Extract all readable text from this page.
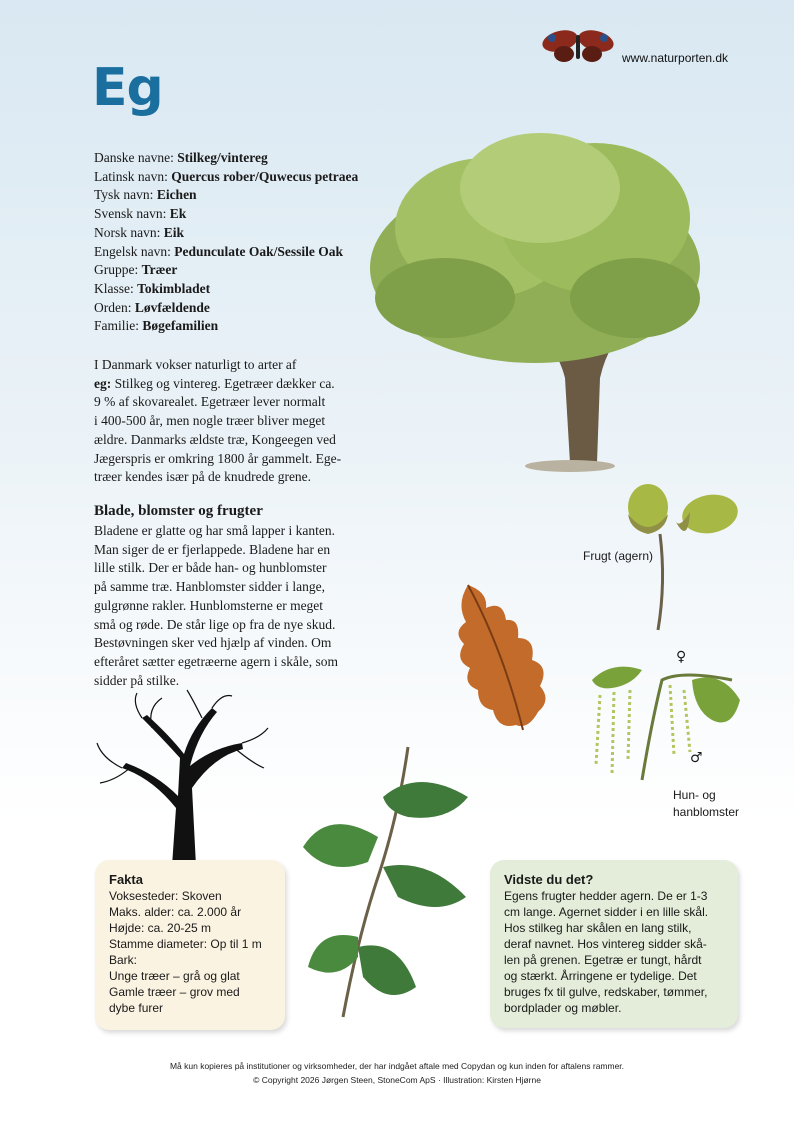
www.naturporten.dk
Eg
Danske navne: Stilkeg/vintereg
Latinsk navn: Quercus rober/Quwecus petraea
Tysk navn: Eichen
Svensk navn: Ek
Norsk navn: Eik
Engelsk navn: Pedunculate Oak/Sessile Oak
Gruppe: Træer
Klasse: Tokimbladet
Orden: Løvfældende
Familie: Bøgefamilien
I Danmark vokser naturligt to arter af
eg: Stilkeg og vintereg. Egetræer dækker ca.
9 % af skovarealet. Egetræer lever normalt
i 400-500 år, men nogle træer bliver meget
ældre. Danmarks ældste træ, Kongeegen ved
Jægerspris er omkring 1800 år gammelt. Ege-
træer kendes især på de knudrede grene.
Blade, blomster og frugter
Bladene er glatte og har små lapper i kanten.
Man siger de er fjerlappede. Bladene har en
lille stilk. Der er både han- og hunblomster
på samme træ. Hanblomster sidder i lange,
gulgrønne rakler. Hunblomsterne er meget
små og røde. De står lige op fra de nye skud.
Bestøvningen sker ved hjælp af vinden. Om
efteråret sætter egetræerne agern i skåle, som
sidder på stilke.
Frugt (agern)
♀
♂
Hun- og
hanblomster
Fakta
Voksesteder: Skoven
Maks. alder: ca. 2.000 år
Højde: ca. 20-25 m
Stamme diameter: Op til 1 m
Bark:
Unge træer – grå og glat
Gamle træer – grov med
dybe furer
Vidste du det?
Egens frugter hedder agern. De er 1-3
cm lange. Agernet sidder i en lille skål.
Hos stilkeg har skålen en lang stilk,
deraf navnet. Hos vintereg sidder skå-
len på grenen. Egetræ er tungt, hårdt
og stærkt. Årringene er tydelige. Det
bruges fx til gulve, redskaber, tømmer,
bordplader og møbler.
Må kun kopieres på institutioner og virksomheder, der har indgået aftale med Copydan og kun inden for aftalens rammer.
© Copyright 2026 Jørgen Steen, StoneCom ApS · Illustration: Kirsten Hjørne
